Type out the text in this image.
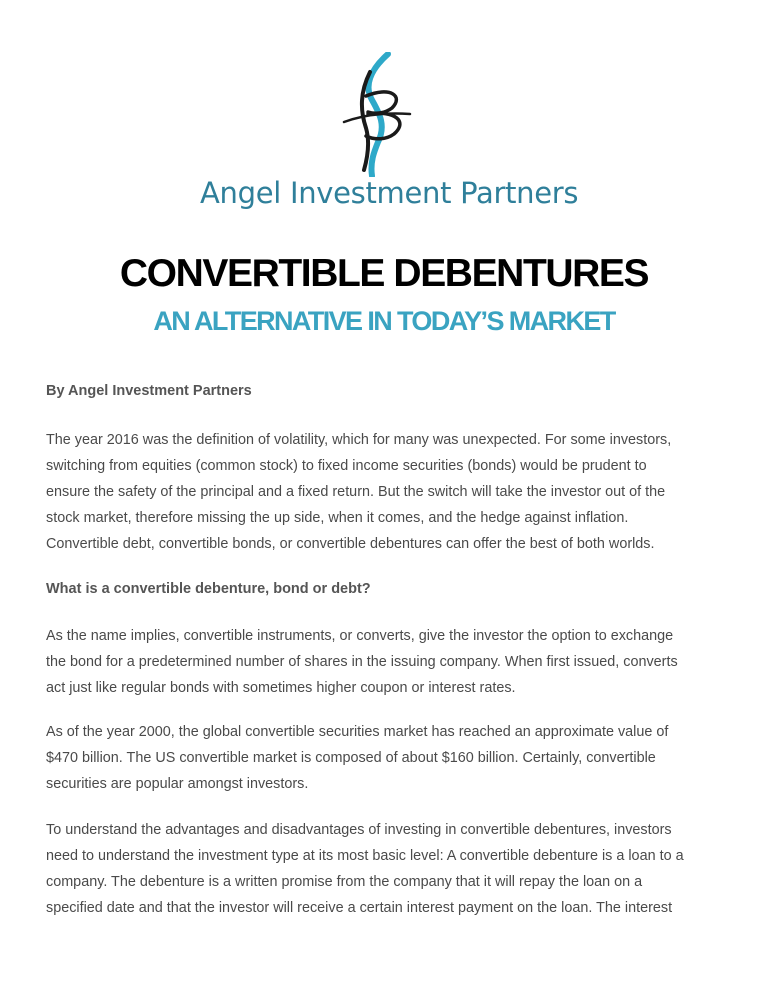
Angel Investment Partners
CONVERTIBLE DEBENTURES
AN ALTERNATIVE IN TODAY’S MARKET
By Angel Investment Partners
The year 2016 was the definition of volatility, which for many was unexpected. For some investors,
switching from equities (common stock) to fixed income securities (bonds) would be prudent to
ensure the safety of the principal and a fixed return. But the switch will take the investor out of the
stock market, therefore missing the up side, when it comes, and the hedge against inflation.
Convertible debt, convertible bonds, or convertible debentures can offer the best of both worlds.
What is a convertible debenture, bond or debt?
As the name implies, convertible instruments, or converts, give the investor the option to exchange
the bond for a predetermined number of shares in the issuing company. When first issued, converts
act just like regular bonds with sometimes higher coupon or interest rates.
As of the year 2000, the global convertible securities market has reached an approximate value of
$470 billion. The US convertible market is composed of about $160 billion. Certainly, convertible
securities are popular amongst investors.
To understand the advantages and disadvantages of investing in convertible debentures, investors
need to understand the investment type at its most basic level: A convertible debenture is a loan to a
company. The debenture is a written promise from the company that it will repay the loan on a
specified date and that the investor will receive a certain interest payment on the loan. The interest
